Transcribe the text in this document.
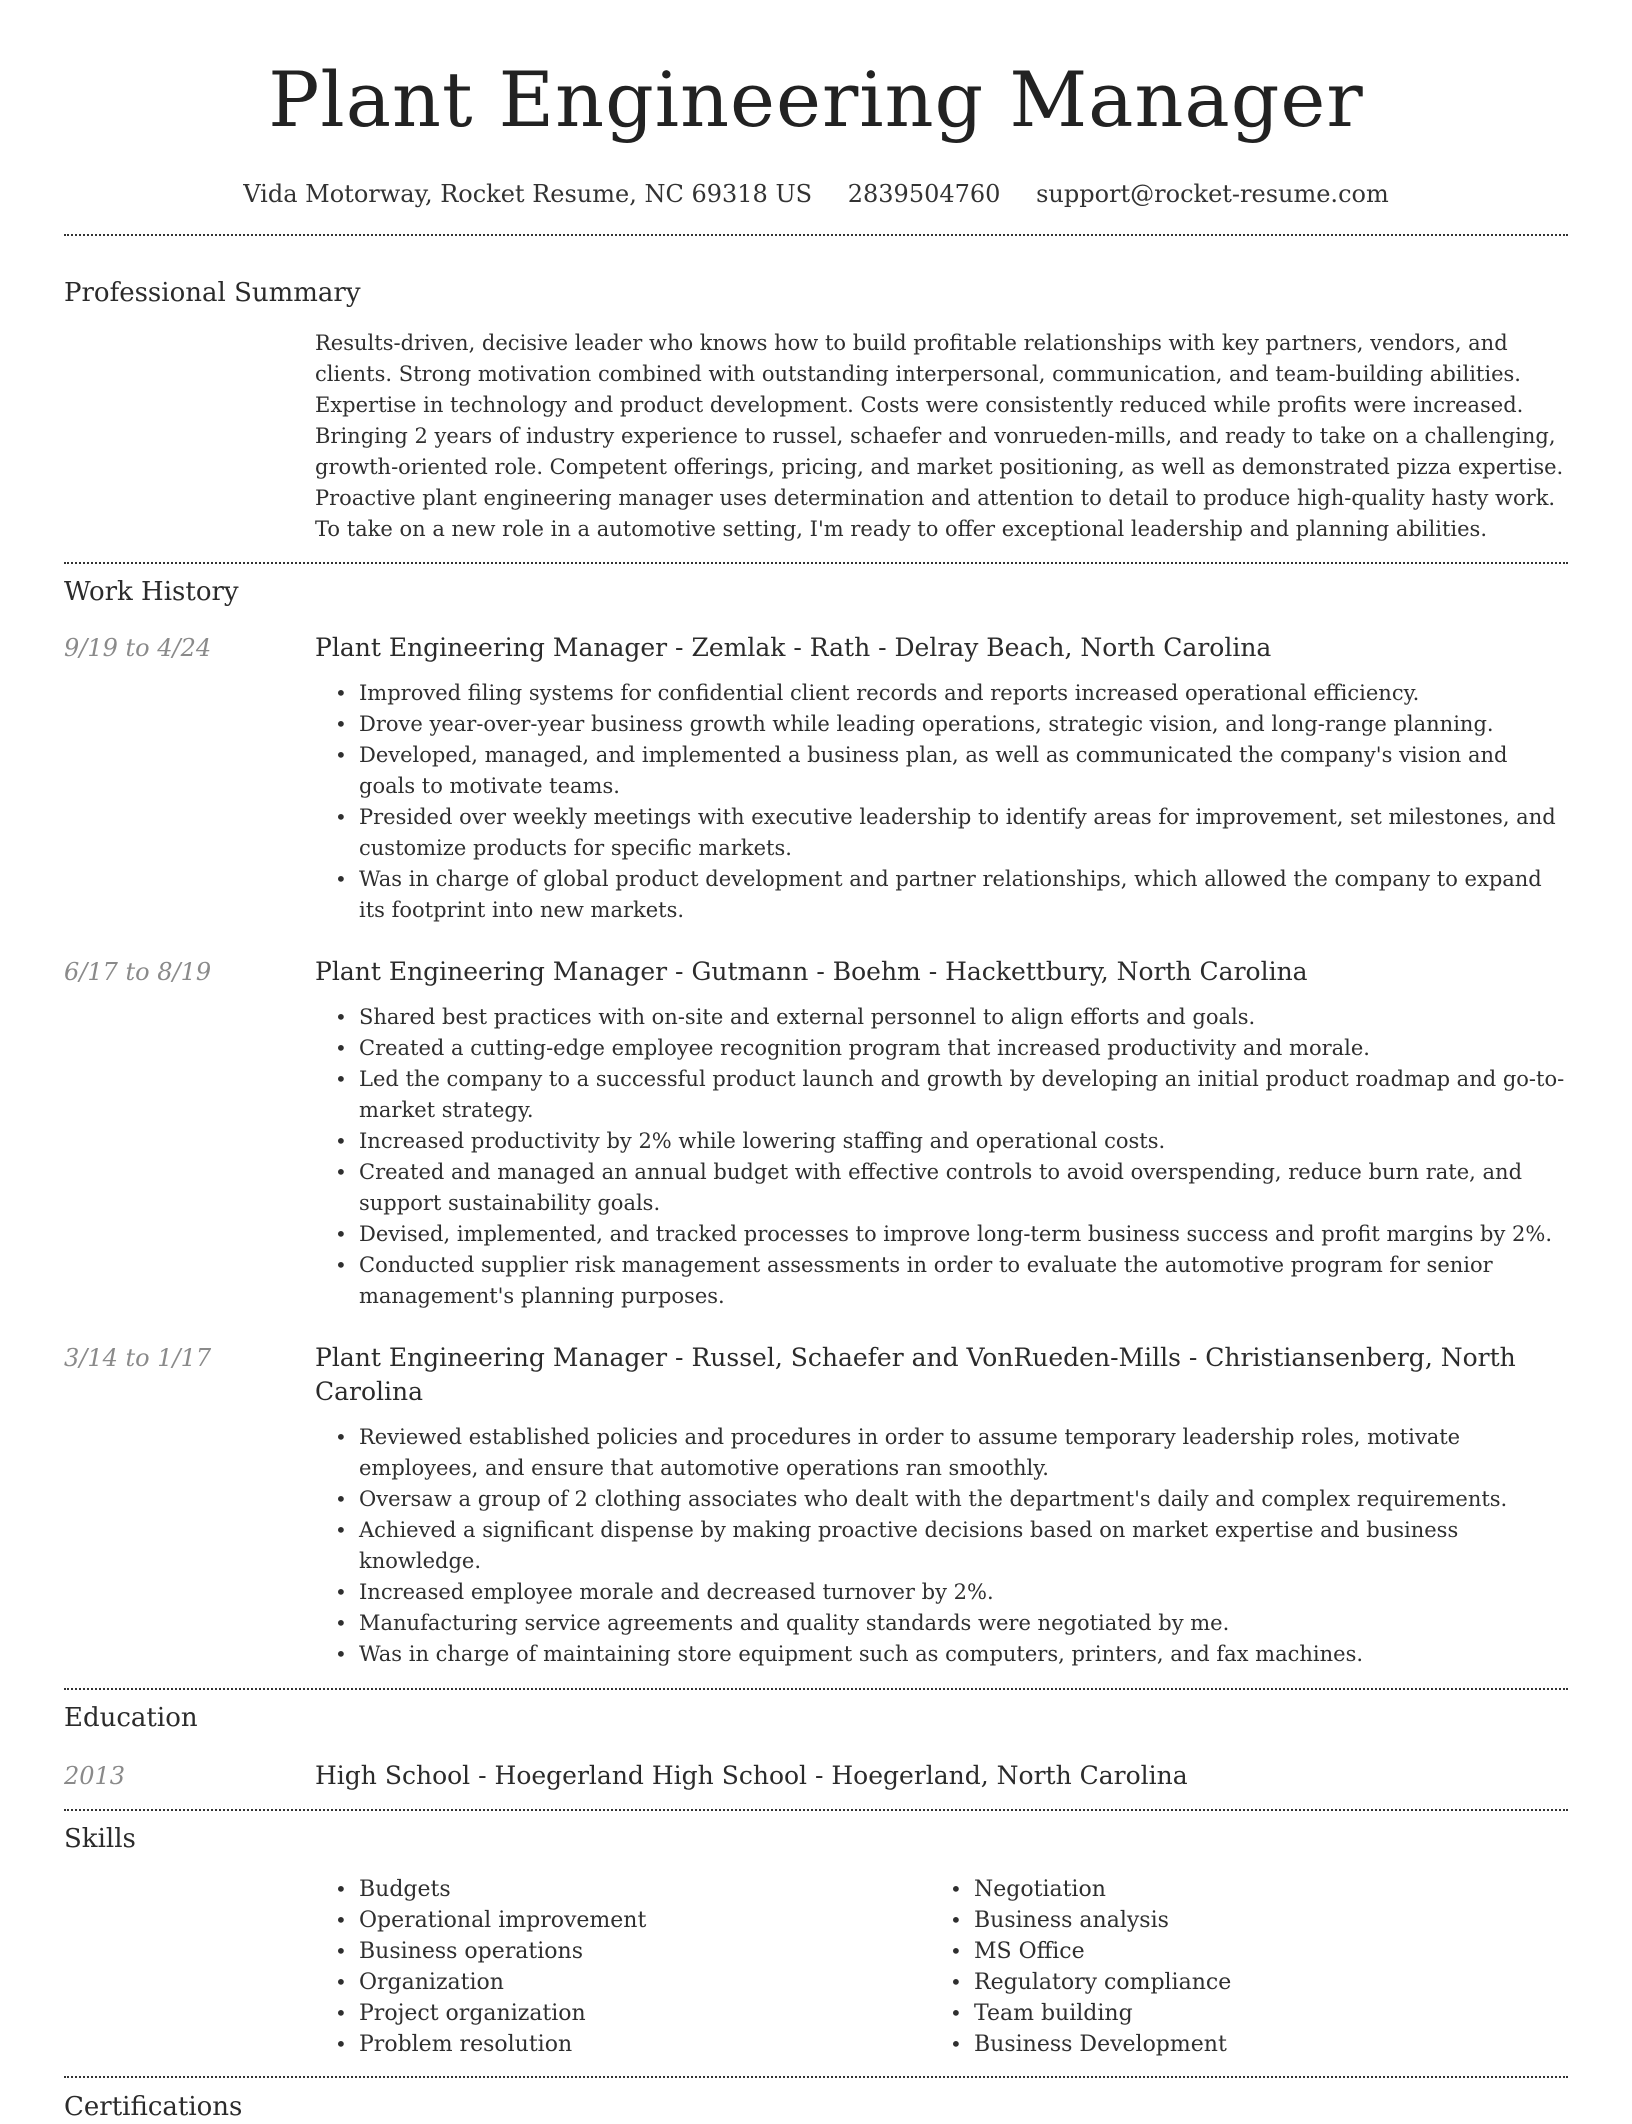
Plant Engineering Manager
Vida Motorway, Rocket Resume, NC 69318 US 2839504760 support@rocket-resume.com
Professional Summary
Results-driven, decisive leader who knows how to build profitable relationships with key partners, vendors, and clients. Strong motivation combined with outstanding interpersonal, communication, and team-building abilities. Expertise in technology and product development. Costs were consistently reduced while profits were increased. Bringing 2 years of industry experience to russel, schaefer and vonrueden-mills, and ready to take on a challenging, growth-oriented role. Competent offerings, pricing, and market positioning, as well as demonstrated pizza expertise. Proactive plant engineering manager uses determination and attention to detail to produce high-quality hasty work. To take on a new role in a automotive setting, I'm ready to offer exceptional leadership and planning abilities.
Work History
9/19 to 4/24	Plant Engineering Manager - Zemlak - Rath - Delray Beach, North Carolina
• Improved filing systems for confidential client records and reports increased operational efficiency.
• Drove year-over-year business growth while leading operations, strategic vision, and long-range planning.
• Developed, managed, and implemented a business plan, as well as communicated the company's vision and goals to motivate teams.
• Presided over weekly meetings with executive leadership to identify areas for improvement, set milestones, and customize products for specific markets.
• Was in charge of global product development and partner relationships, which allowed the company to expand its footprint into new markets.
6/17 to 8/19	Plant Engineering Manager - Gutmann - Boehm - Hackettbury, North Carolina
• Shared best practices with on-site and external personnel to align efforts and goals.
• Created a cutting-edge employee recognition program that increased productivity and morale.
• Led the company to a successful product launch and growth by developing an initial product roadmap and go-to-market strategy.
• Increased productivity by 2% while lowering staffing and operational costs.
• Created and managed an annual budget with effective controls to avoid overspending, reduce burn rate, and support sustainability goals.
• Devised, implemented, and tracked processes to improve long-term business success and profit margins by 2%.
• Conducted supplier risk management assessments in order to evaluate the automotive program for senior management's planning purposes.
3/14 to 1/17	Plant Engineering Manager - Russel, Schaefer and VonRueden-Mills - Christiansenberg, North Carolina
• Reviewed established policies and procedures in order to assume temporary leadership roles, motivate employees, and ensure that automotive operations ran smoothly.
• Oversaw a group of 2 clothing associates who dealt with the department's daily and complex requirements.
• Achieved a significant dispense by making proactive decisions based on market expertise and business knowledge.
• Increased employee morale and decreased turnover by 2%.
• Manufacturing service agreements and quality standards were negotiated by me.
• Was in charge of maintaining store equipment such as computers, printers, and fax machines.
Education
2013	High School - Hoegerland High School - Hoegerland, North Carolina
Skills
• Budgets
• Operational improvement
• Business operations
• Organization
• Project organization
• Problem resolution
• Negotiation
• Business analysis
• MS Office
• Regulatory compliance
• Team building
• Business Development
Certifications
